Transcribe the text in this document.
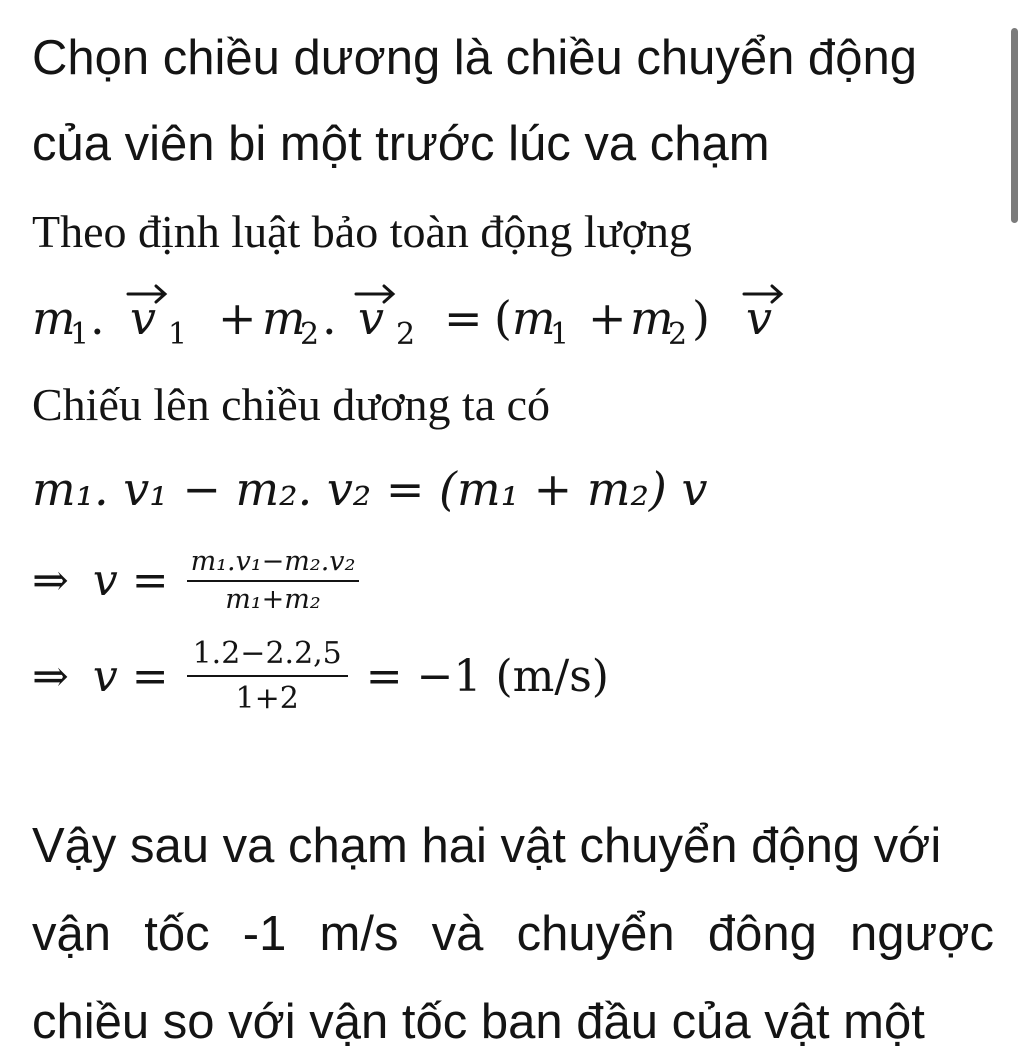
Chọn chiều dương là chiều chuyển động
của viên bi một trước lúc va chạm
Theo định luật bảo toàn động lượng
m
1 . v 1 + m
2 . v 2 = ( m
1 + m
2 ) v
Chiếu lên chiều dương ta có
m₁. v₁ − m₂. v₂ = (m₁ + m₂) v
⇒ $v = \frac{\text{m₁.v₁−m₂.v₂}}{\text{m₁+m₂}}$
⇒ $v = \frac{1.2-2.2,5}{1+2} = -1$ (m/s)
Vậy sau va chạm hai vật chuyển động với
vận tốc -1 m/s và chuyển đông ngược
chiều so với vận tốc ban đầu của vật một
